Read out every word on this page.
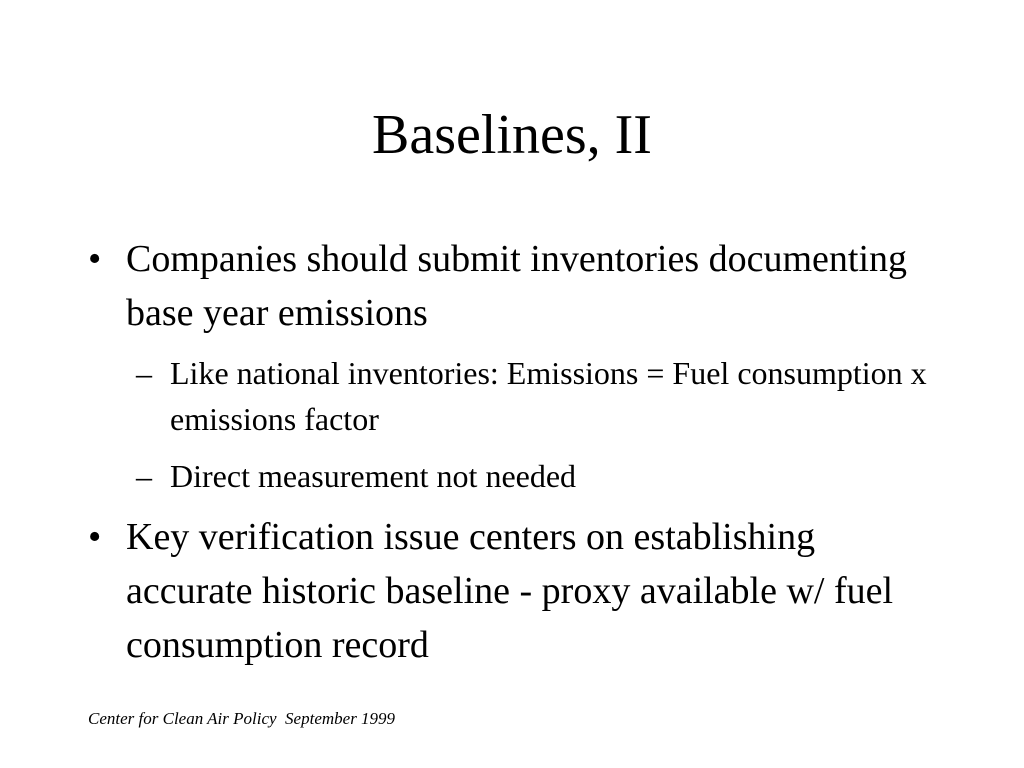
Baselines, II
• Companies should submit inventories documenting base year emissions
– Like national inventories: Emissions = Fuel consumption x emissions factor
– Direct measurement not needed
• Key verification issue centers on establishing accurate historic baseline - proxy available w/ fuel consumption record
Center for Clean Air Policy  September 1999
